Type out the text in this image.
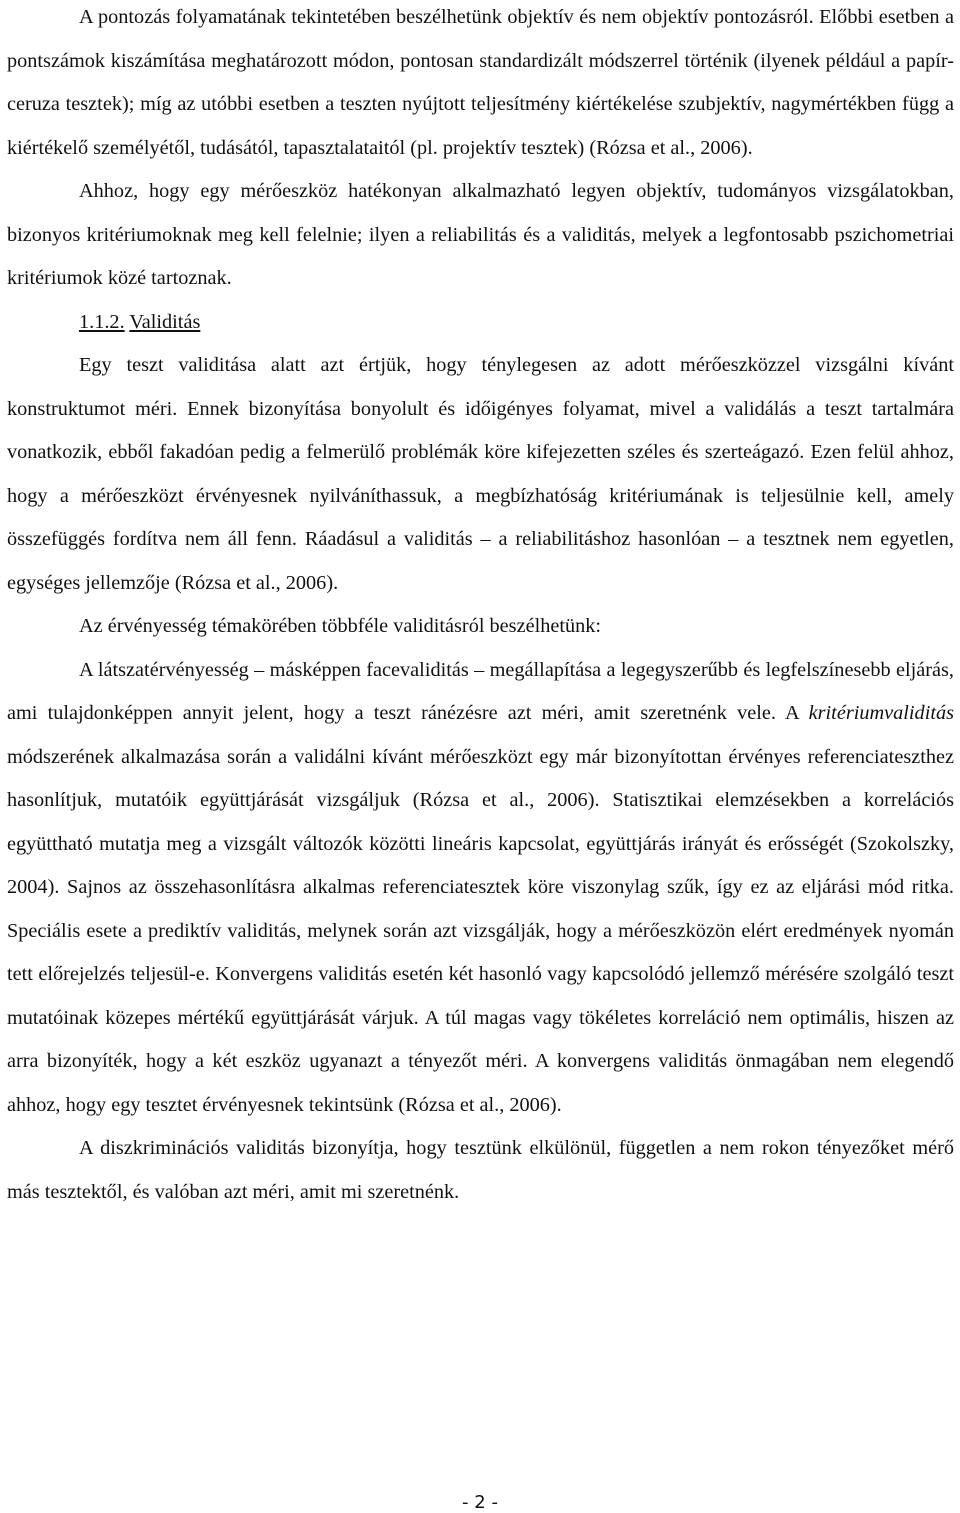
A pontozás folyamatának tekintetében beszélhetünk objektív és nem objektív pontozásról. Előbbi esetben a pontszámok kiszámítása meghatározott módon, pontosan standardizált módszerrel történik (ilyenek például a papír-ceruza tesztek); míg az utóbbi esetben a teszten nyújtott teljesítmény kiértékelése szubjektív, nagymértékben függ a kiértékelő személyétől, tudásától, tapasztalataitól (pl. projektív tesztek) (Rózsa et al., 2006).

Ahhoz, hogy egy mérőeszköz hatékonyan alkalmazható legyen objektív, tudományos vizsgálatokban, bizonyos kritériumoknak meg kell felelnie; ilyen a reliabilitás és a validitás, melyek a legfontosabb pszichometriai kritériumok közé tartoznak.

1.1.2. Validitás

Egy teszt validitása alatt azt értjük, hogy ténylegesen az adott mérőeszközzel vizsgálni kívánt konstruktumot méri. Ennek bizonyítása bonyolult és időigényes folyamat, mivel a validálás a teszt tartalmára vonatkozik, ebből fakadóan pedig a felmerülő problémák köre kifejezetten széles és szerteágazó. Ezen felül ahhoz, hogy a mérőeszközt érvényesnek nyilváníthassuk, a megbízhatóság kritériumának is teljesülnie kell, amely összefüggés fordítva nem áll fenn. Ráadásul a validitás – a reliabilitáshoz hasonlóan – a tesztnek nem egyetlen, egységes jellemzője (Rózsa et al., 2006).

Az érvényesség témakörében többféle validitásról beszélhetünk:

A látszatérvényesség – másképpen facevaliditás – megállapítása a legegyszerűbb és legfelszínesebb eljárás, ami tulajdonképpen annyit jelent, hogy a teszt ránézésre azt méri, amit szeretnénk vele. A kritériumvaliditás módszerének alkalmazása során a validálni kívánt mérőeszközt egy már bizonyítottan érvényes referenciateszthez hasonlítjuk, mutatóik együttjárását vizsgáljuk (Rózsa et al., 2006). Statisztikai elemzésekben a korrelációs együttható mutatja meg a vizsgált változók közötti lineáris kapcsolat, együttjárás irányát és erősségét (Szokolszky, 2004). Sajnos az összehasonlításra alkalmas referenciatesztek köre viszonylag szűk, így ez az eljárási mód ritka. Speciális esete a prediktív validitás, melynek során azt vizsgálják, hogy a mérőeszközön elért eredmények nyomán tett előrejelzés teljesül-e. Konvergens validitás esetén két hasonló vagy kapcsolódó jellemző mérésére szolgáló teszt mutatóinak közepes mértékű együttjárását várjuk. A túl magas vagy tökéletes korreláció nem optimális, hiszen az arra bizonyíték, hogy a két eszköz ugyanazt a tényezőt méri. A konvergens validitás önmagában nem elegendő ahhoz, hogy egy tesztet érvényesnek tekintsünk (Rózsa et al., 2006).

A diszkriminációs validitás bizonyítja, hogy tesztünk elkülönül, független a nem rokon tényezőket mérő más tesztektől, és valóban azt méri, amit mi szeretnénk.

- 2 -
